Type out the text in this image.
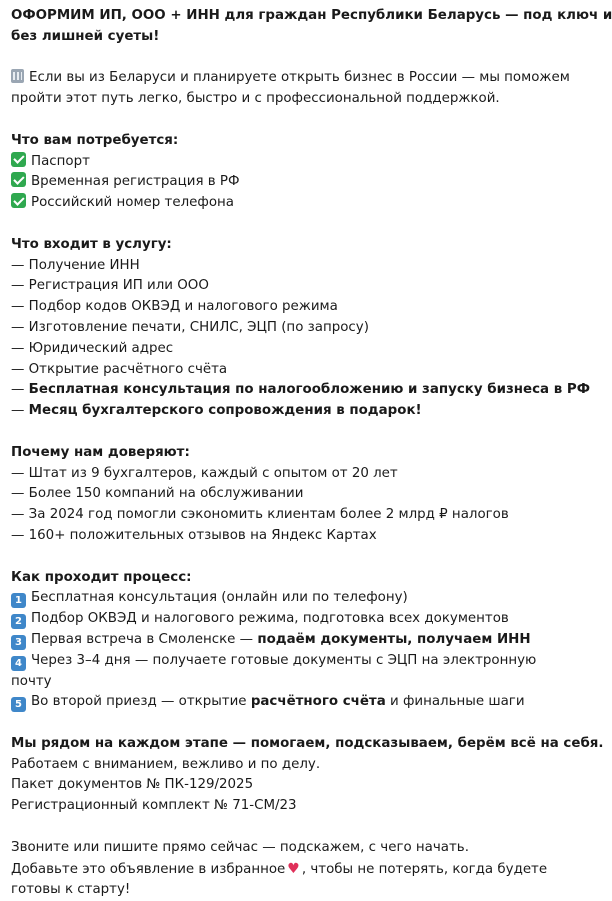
ОФОРМИМ ИП, ООО + ИНН для граждан Республики Беларусь — под ключ и
без лишней суеты!
Если вы из Беларуси и планируете открыть бизнес в России — мы поможем
пройти этот путь легко, быстро и с профессиональной поддержкой.
Что вам потребуется:
Паспорт
Временная регистрация в РФ
Российский номер телефона
Что входит в услугу:
— Получение ИНН
— Регистрация ИП или ООО
— Подбор кодов ОКВЭД и налогового режима
— Изготовление печати, СНИЛС, ЭЦП (по запросу)
— Юридический адрес
— Открытие расчётного счёта
— Бесплатная консультация по налогообложению и запуску бизнеса в РФ
— Месяц бухгалтерского сопровождения в подарок!
Почему нам доверяют:
— Штат из 9 бухгалтеров, каждый с опытом от 20 лет
— Более 150 компаний на обслуживании
— За 2024 год помогли сэкономить клиентам более 2 млрд ₽ налогов
— 160+ положительных отзывов на Яндекс Картах
Как проходит процесс:
1 Бесплатная консультация (онлайн или по телефону)
2 Подбор ОКВЭД и налогового режима, подготовка всех документов
3 Первая встреча в Смоленске — подаём документы, получаем ИНН
4 Через 3–4 дня — получаете готовые документы с ЭЦП на электронную
почту
5 Во второй приезд — открытие расчётного счёта и финальные шаги
Мы рядом на каждом этапе — помогаем, подсказываем, берём всё на себя.
Работаем с вниманием, вежливо и по делу.
Пакет документов № ПК-129/2025
Регистрационный комплект № 71-СМ/23
Звоните или пишите прямо сейчас — подскажем, с чего начать.
Добавьте это объявление в избранное ♥ , чтобы не потерять, когда будете
готовы к старту!
